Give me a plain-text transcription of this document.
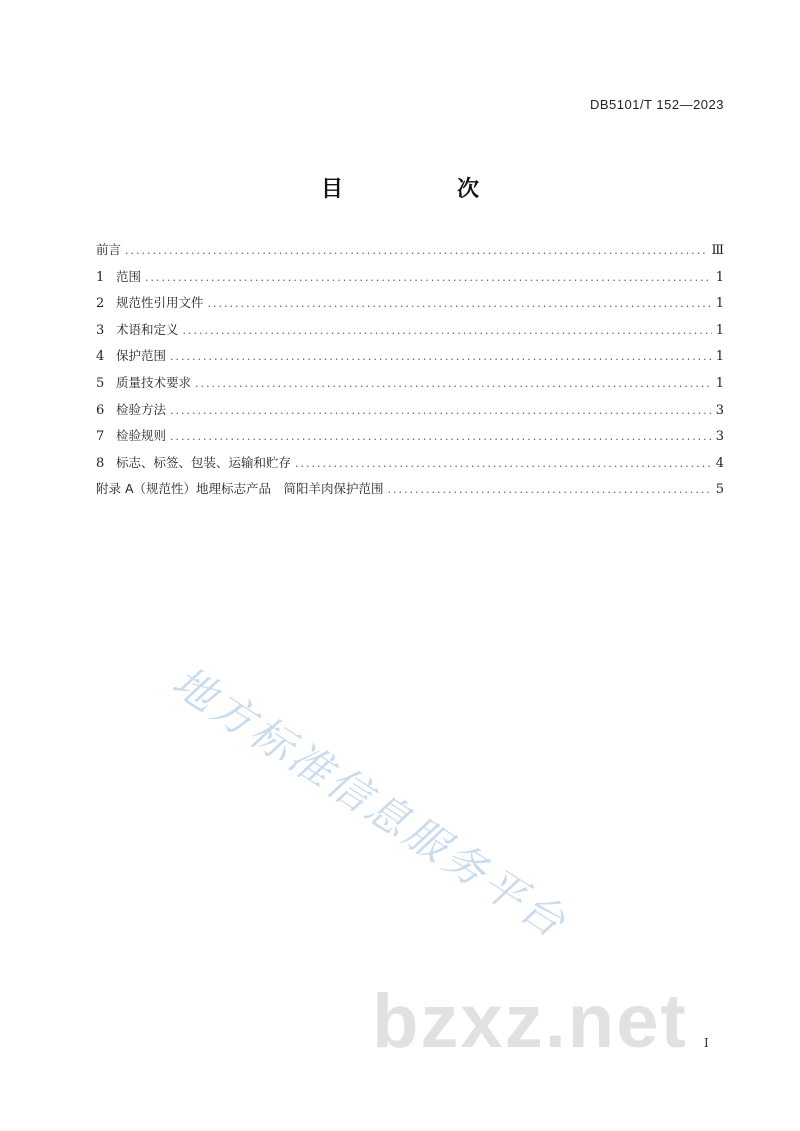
DB5101/T 152—2023
目　次
前言 .....	Ⅲ
1 范围 .....	1
2 规范性引用文件 .....	1
3 术语和定义 .....	1
4 保护范围 .....	1
5 质量技术要求 .....	1
6 检验方法 .....	3
7 检验规则 .....	3
8 标志、标签、包装、运输和贮存 .....	4
附录 A（规范性）地理标志产品　简阳羊肉保护范围 .....	5
地方标准信息服务平台
bzxz.net I
